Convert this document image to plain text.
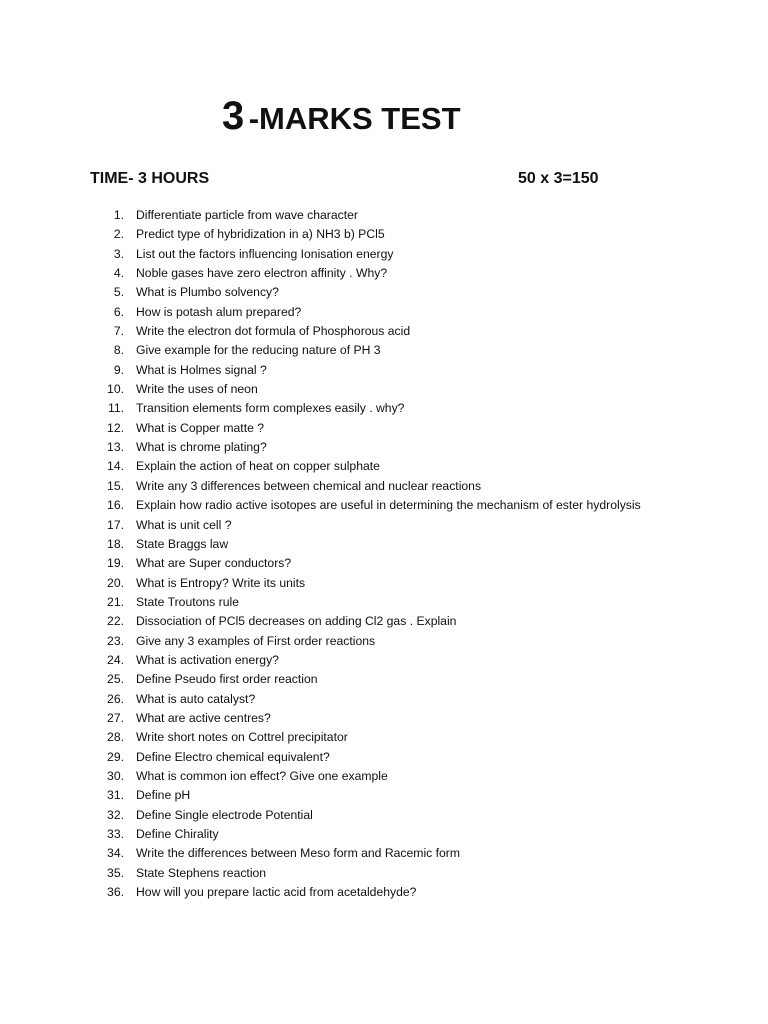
3 -MARKS TEST
TIME- 3 HOURS	50 x 3=150
1. Differentiate particle from wave character
2. Predict type of hybridization in a) NH3 b) PCl5
3. List out the factors influencing Ionisation energy
4. Noble gases have zero electron affinity . Why?
5. What is Plumbo solvency?
6. How is potash alum prepared?
7. Write the electron dot formula of Phosphorous acid
8. Give example for the reducing nature of PH 3
9. What is Holmes signal ?
10. Write the uses of neon
11. Transition elements form complexes easily . why?
12. What is Copper matte ?
13. What is chrome plating?
14. Explain the action of heat on copper sulphate
15. Write any 3 differences between chemical and nuclear reactions
16. Explain how radio active isotopes are useful in determining the mechanism of ester hydrolysis
17. What is unit cell ?
18. State Braggs law
19. What are Super conductors?
20. What is Entropy? Write its units
21. State Troutons rule
22. Dissociation of PCl5 decreases on adding Cl2 gas . Explain
23. Give any 3 examples of First order reactions
24. What is activation energy?
25. Define Pseudo first order reaction
26. What is auto catalyst?
27. What are active centres?
28. Write short notes on Cottrel precipitator
29. Define Electro chemical equivalent?
30. What is common ion effect? Give one example
31. Define pH
32. Define Single electrode Potential
33. Define Chirality
34. Write the differences between Meso form and Racemic form
35. State Stephens reaction
36. How will you prepare lactic acid from acetaldehyde?
